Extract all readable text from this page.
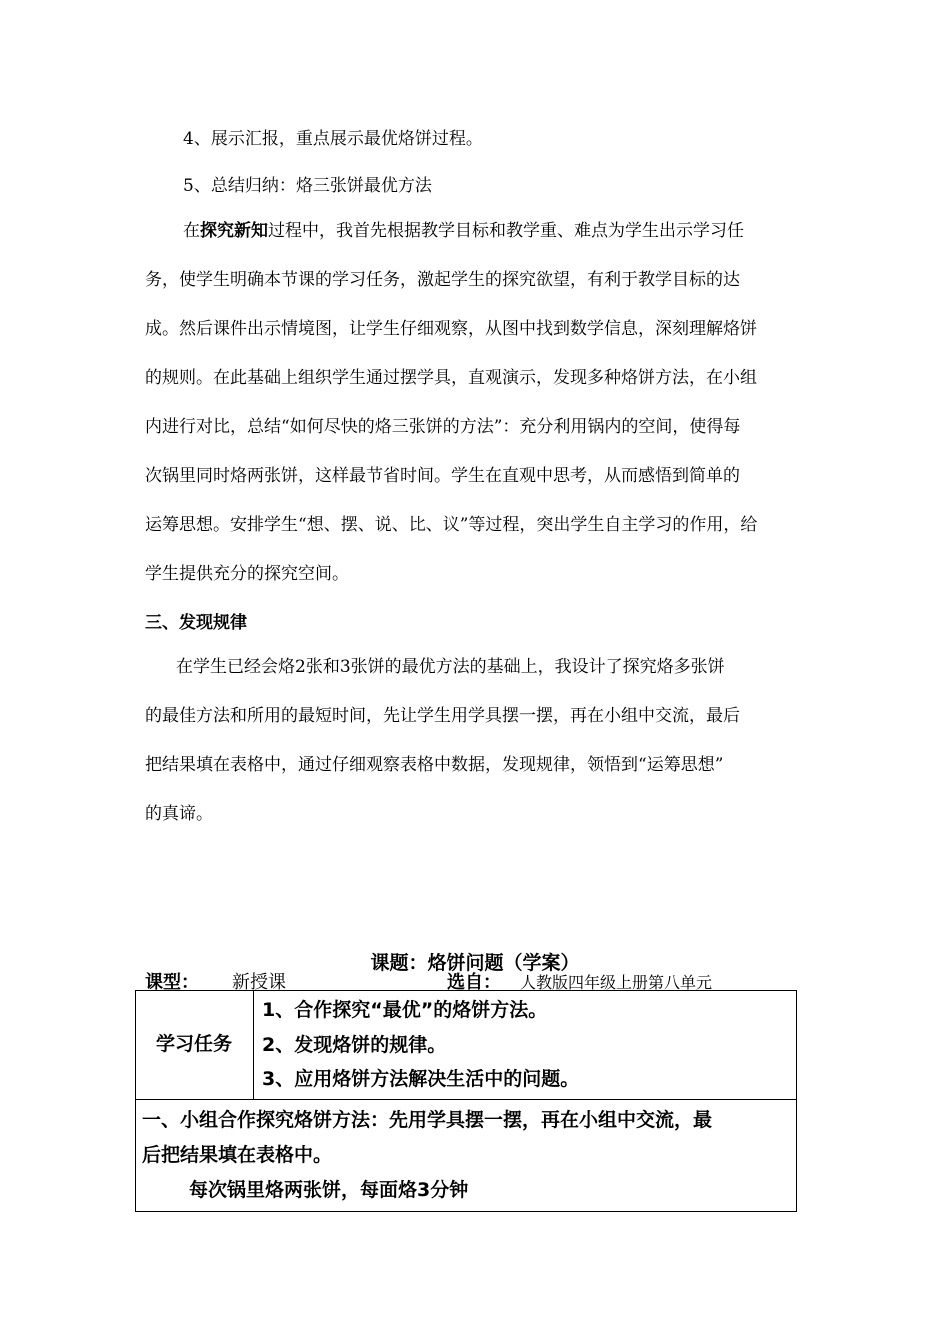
4、展示汇报，重点展示最优烙饼过程。
5、总结归纳：烙三张饼最优方法
在探究新知过程中，我首先根据教学目标和教学重、难点为学生出示学习任
务，使学生明确本节课的学习任务，激起学生的探究欲望，有利于教学目标的达
成。然后课件出示情境图，让学生仔细观察，从图中找到数学信息，深刻理解烙饼
的规则。在此基础上组织学生通过摆学具，直观演示，发现多种烙饼方法，在小组
内进行对比，总结“如何尽快的烙三张饼的方法”：充分利用锅内的空间，使得每
次锅里同时烙两张饼，这样最节省时间。学生在直观中思考，从而感悟到简单的
运筹思想。安排学生“想、摆、说、比、议”等过程，突出学生自主学习的作用，给
学生提供充分的探究空间。
三、发现规律
在学生已经会烙2张和3张饼的最优方法的基础上，我设计了探究烙多张饼
的最佳方法和所用的最短时间，先让学生用学具摆一摆，再在小组中交流，最后
把结果填在表格中，通过仔细观察表格中数据，发现规律，领悟到“运筹思想”
的真谛。
课题：烙饼问题（学案）
课型： 新授课	选自： 人教版四年级上册第八单元
学习任务
1、合作探究“最优”的烙饼方法。
2、发现烙饼的规律。
3、应用烙饼方法解决生活中的问题。
一、小组合作探究烙饼方法：先用学具摆一摆，再在小组中交流，最
后把结果填在表格中。
每次锅里烙两张饼，每面烙3分钟
